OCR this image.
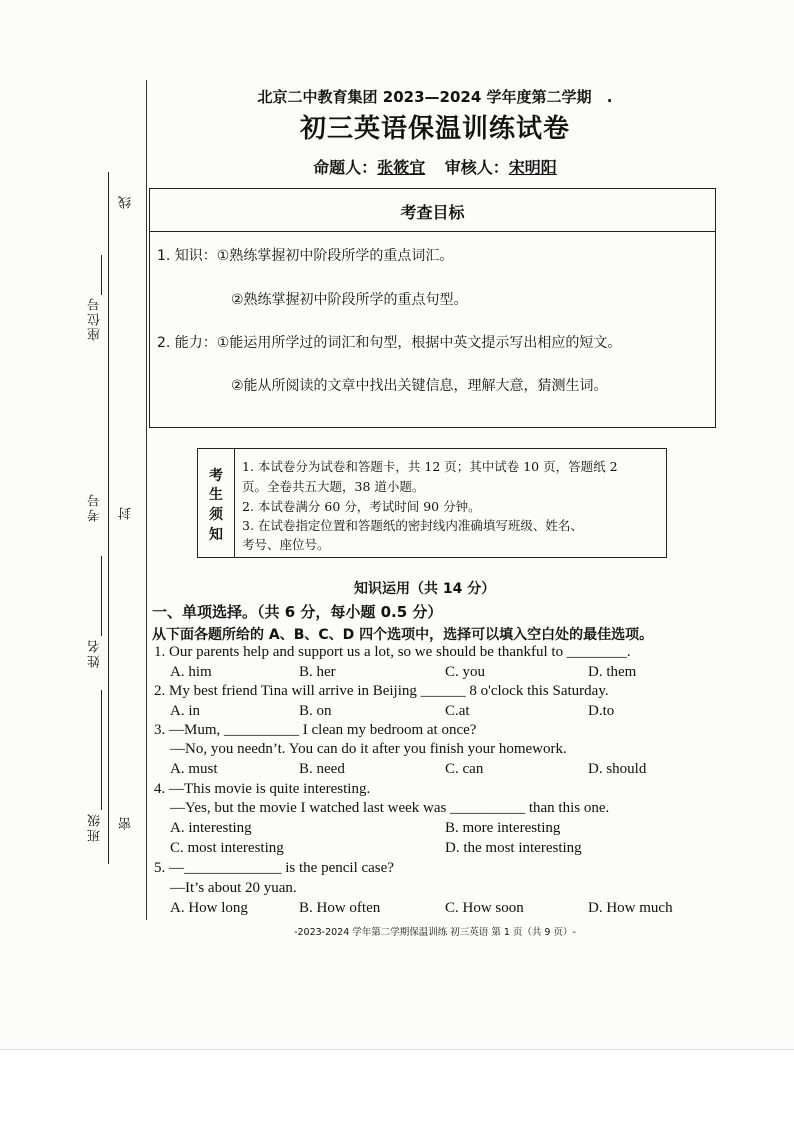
线
座位号
考号 封
姓名
班级 密
北京二中教育集团 2023—2024 学年度第二学期 .
初三英语保温训练试卷
命题人：张筱宜 审核人：宋明阳
考查目标
1. 知识：①熟练掌握初中阶段所学的重点词汇。
②熟练掌握初中阶段所学的重点句型。
2. 能力：①能运用所学过的词汇和句型，根据中英文提示写出相应的短文。
②能从所阅读的文章中找出关键信息，理解大意，猜测生词。
考
生
须
知
1. 本试卷分为试卷和答题卡，共 12 页；其中试卷 10 页，答题纸 2
页。全卷共五大题，38 道小题。
2. 本试卷满分 60 分，考试时间 90 分钟。
3. 在试卷指定位置和答题纸的密封线内准确填写班级、姓名、
考号、座位号。
知识运用（共 14 分）
一、单项选择。（共 6 分，每小题 0.5 分）
从下面各题所给的 A、B、C、D 四个选项中，选择可以填入空白处的最佳选项。
1. Our parents help and support us a lot, so we should be thankful to ________.
A. him	B. her	C. you	D. them
2. My best friend Tina will arrive in Beijing ______ 8 o'clock this Saturday.
A. in	B. on	C.at	D.to
3. —Mum, __________ I clean my bedroom at once?
—No, you needn’t. You can do it after you finish your homework.
A. must	B. need	C. can	D. should
4. —This movie is quite interesting.
—Yes, but the movie I watched last week was __________ than this one.
A. interesting	B. more interesting
C. most interesting	D. the most interesting
5. —_____________ is the pencil case?
—It’s about 20 yuan.
A. How long	B. How often	C. How soon	D. How much
-2023-2024 学年第二学期保温训练 初三英语 第 1 页（共 9 页）-
